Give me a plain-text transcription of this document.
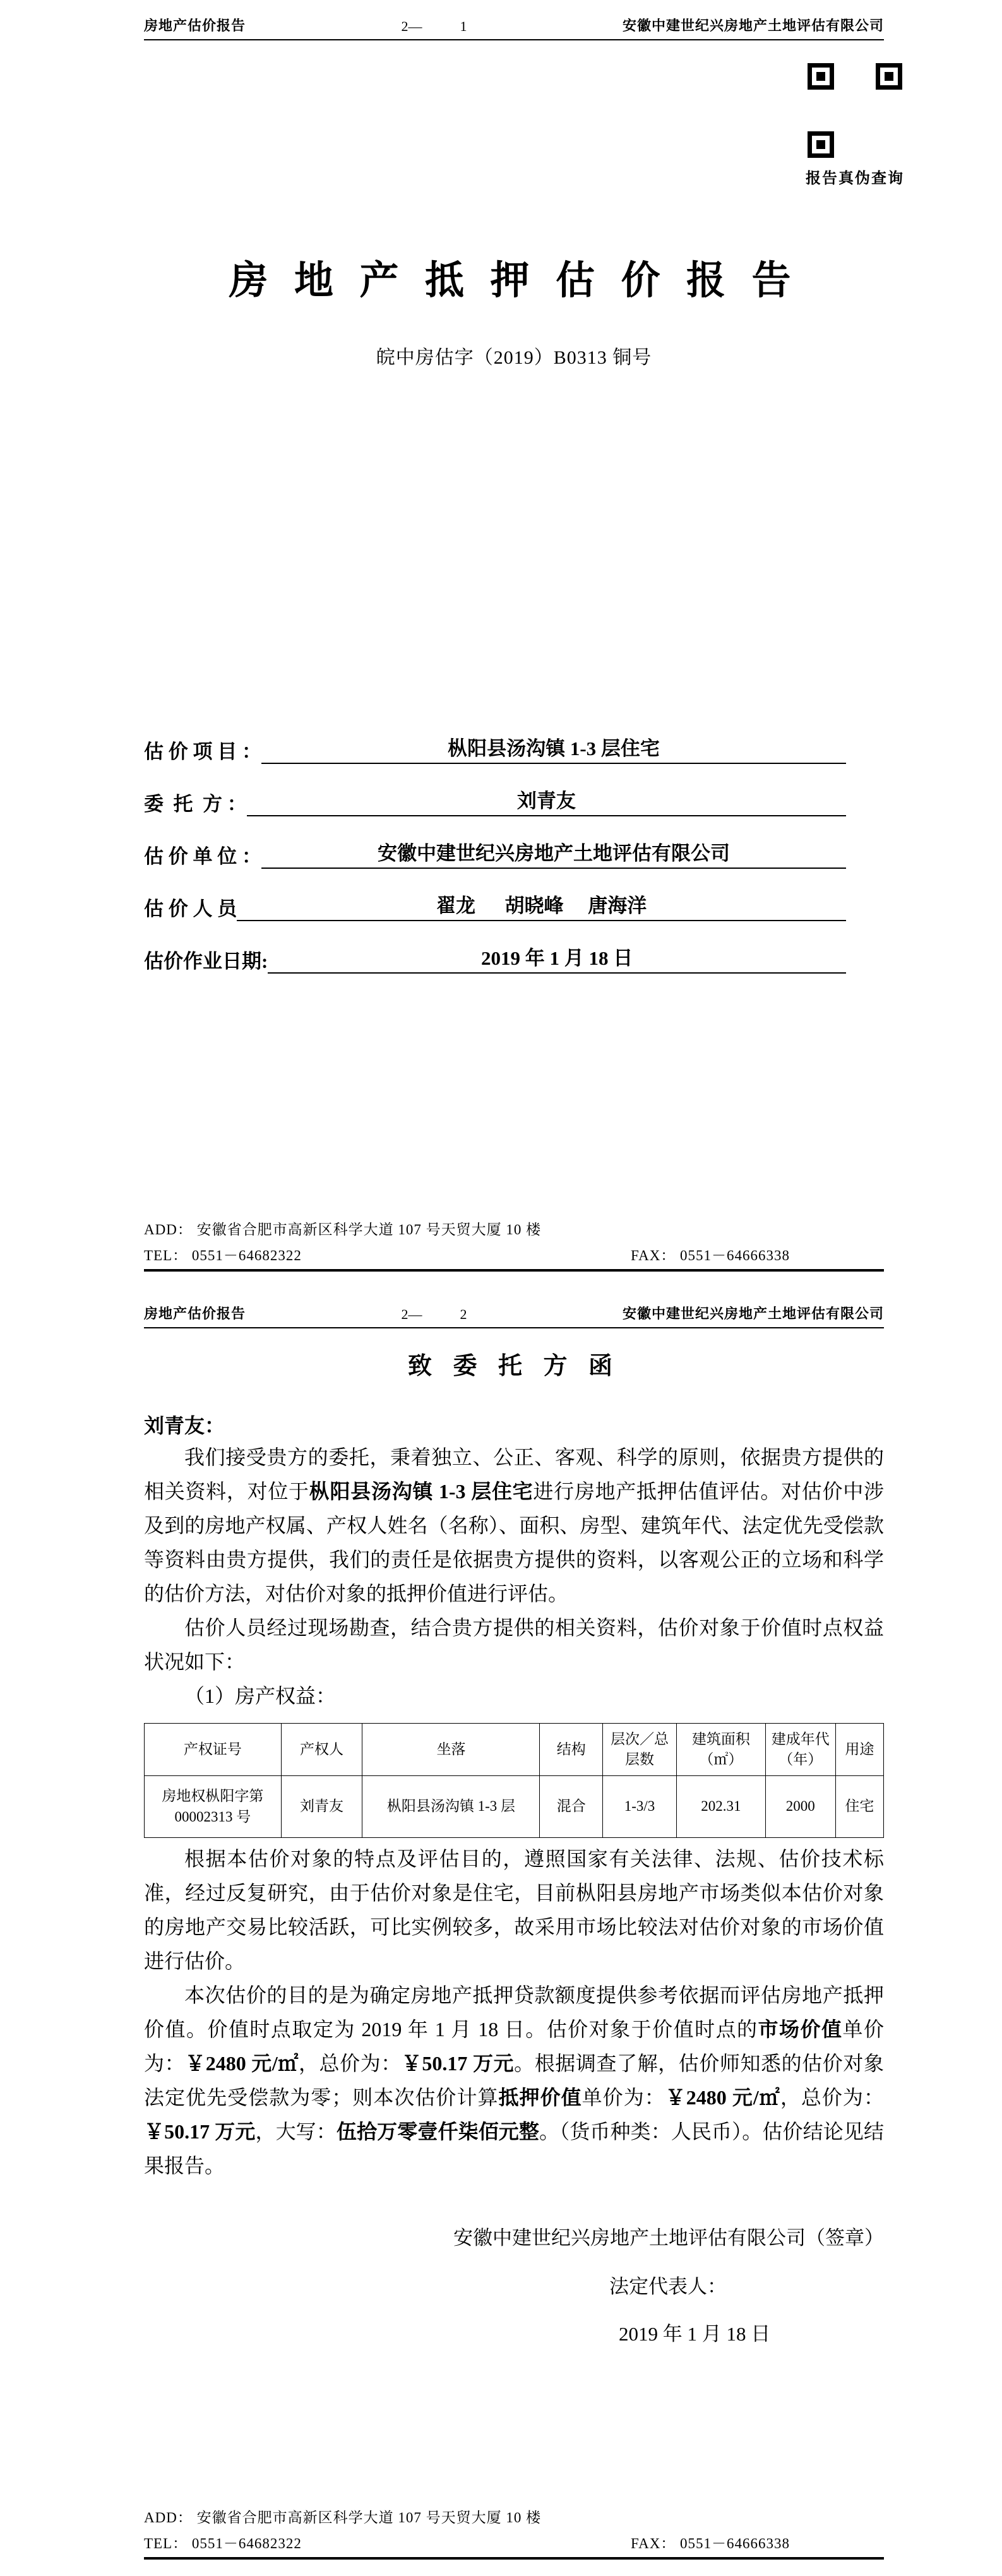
房地产估价报告	2—	1	安徽中建世纪兴房地产土地评估有限公司
报告真伪查询
房 地 产 抵 押 估 价 报 告
皖中房估字（2019）B0313 铜号
估 价 项 目 ：	枞阳县汤沟镇 1-3 层住宅
委  托  方 ：	刘青友
估 价 单 位 ：	安徽中建世纪兴房地产土地评估有限公司
估 价 人 员	翟龙      胡晓峰     唐海洋
估价作业日期:	2019 年 1 月 18 日
ADD： 安徽省合肥市高新区科学大道 107 号天贸大厦 10 楼
TEL： 0551－64682322	FAX： 0551－64666338
房地产估价报告	2—	2	安徽中建世纪兴房地产土地评估有限公司
致 委 托 方 函
刘青友：

我们接受贵方的委托，秉着独立、公正、客观、科学的原则，依据贵方提供的相关资料，对位于枞阳县汤沟镇 1-3 层住宅进行房地产抵押估值评估。对估价中涉及到的房地产权属、产权人姓名（名称）、面积、房型、建筑年代、法定优先受偿款等资料由贵方提供，我们的责任是依据贵方提供的资料，以客观公正的立场和科学的估价方法，对估价对象的抵押价值进行评估。

估价人员经过现场勘查，结合贵方提供的相关资料，估价对象于价值时点权益状况如下：

（1）房产权益：
产权证号	产权人	坐落	结构	层次／总层数	建筑面积（㎡）	建成年代（年）	用途
房地权枞阳字第00002313 号	刘青友	枞阳县汤沟镇 1-3 层	混合	1-3/3	202.31	2000	住宅

根据本估价对象的特点及评估目的，遵照国家有关法律、法规、估价技术标准，经过反复研究，由于估价对象是住宅，目前枞阳县房地产市场类似本估价对象的房地产交易比较活跃，可比实例较多，故采用市场比较法对估价对象的市场价值进行估价。

本次估价的目的是为确定房地产抵押贷款额度提供参考依据而评估房地产抵押价值。价值时点取定为 2019 年 1 月 18 日。估价对象于价值时点的市场价值单价为：￥2480 元/㎡，总价为：￥50.17 万元。根据调查了解，估价师知悉的估价对象法定优先受偿款为零；则本次估价计算抵押价值单价为：￥2480 元/㎡，总价为：￥50.17 万元，大写：伍拾万零壹仟柒佰元整。（货币种类：人民币）。估价结论见结果报告。

安徽中建世纪兴房地产土地评估有限公司（签章）
法定代表人：
2019 年 1 月 18 日
ADD： 安徽省合肥市高新区科学大道 107 号天贸大厦 10 楼
TEL： 0551－64682322	FAX： 0551－64666338
